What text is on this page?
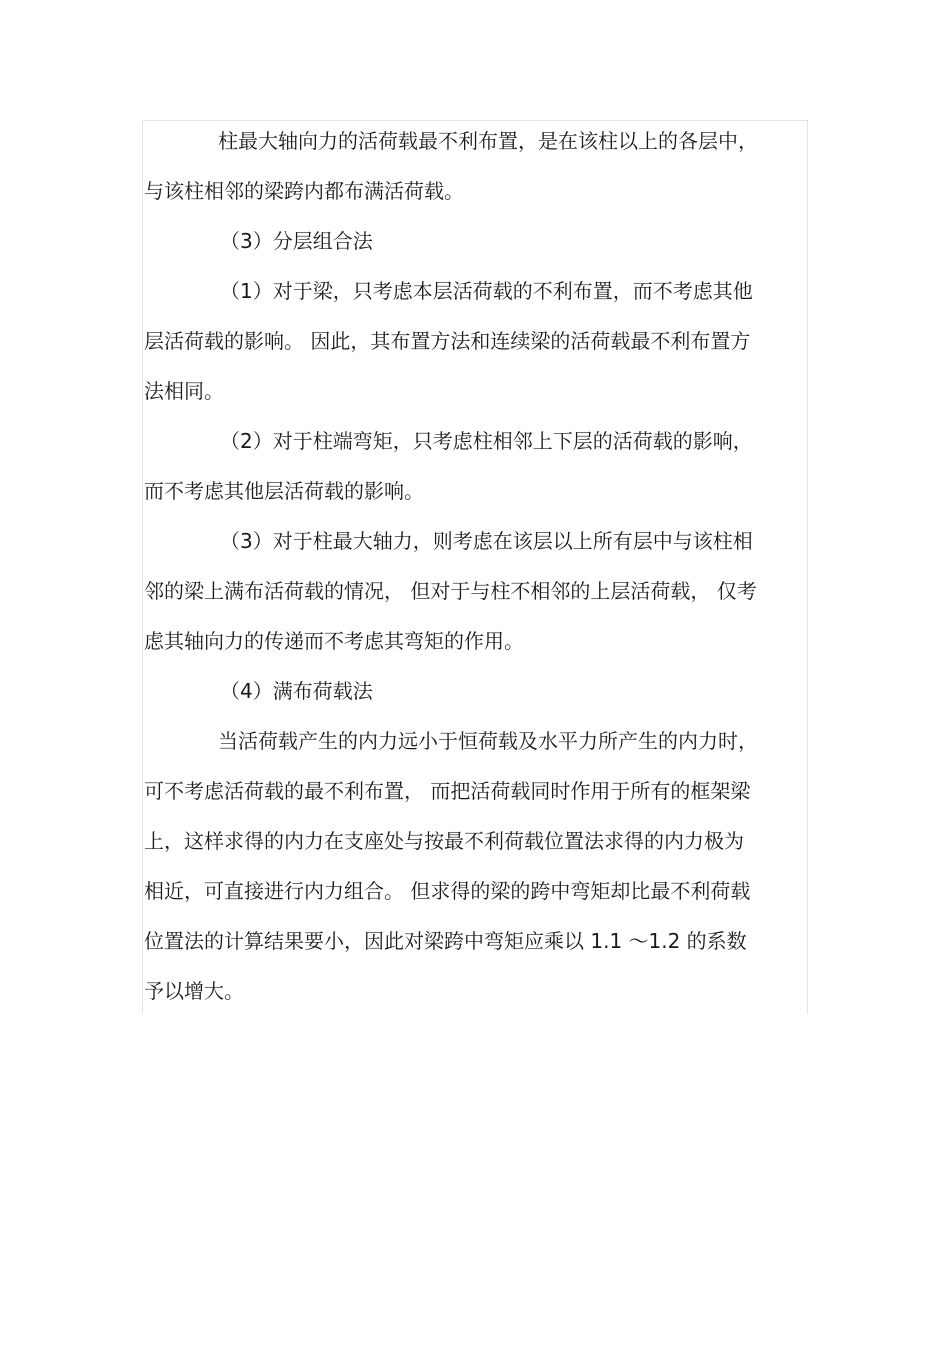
柱最大轴向力的活荷载最不利布置，是在该柱以上的各层中，
与该柱相邻的梁跨内都布满活荷载。
（3）分层组合法
（1）对于梁，只考虑本层活荷载的不利布置，而不考虑其他
层活荷载的影响。 因此，其布置方法和连续梁的活荷载最不利布置方
法相同。
（2）对于柱端弯矩，只考虑柱相邻上下层的活荷载的影响，
而不考虑其他层活荷载的影响。
（3）对于柱最大轴力，则考虑在该层以上所有层中与该柱相
邻的梁上满布活荷载的情况， 但对于与柱不相邻的上层活荷载， 仅考
虑其轴向力的传递而不考虑其弯矩的作用。
（4）满布荷载法
当活荷载产生的内力远小于恒荷载及水平力所产生的内力时，
可不考虑活荷载的最不利布置， 而把活荷载同时作用于所有的框架梁
上，这样求得的内力在支座处与按最不利荷载位置法求得的内力极为
相近，可直接进行内力组合。 但求得的梁的跨中弯矩却比最不利荷载
位置法的计算结果要小，因此对梁跨中弯矩应乘以 1.1 ～1.2 的系数
予以增大。
